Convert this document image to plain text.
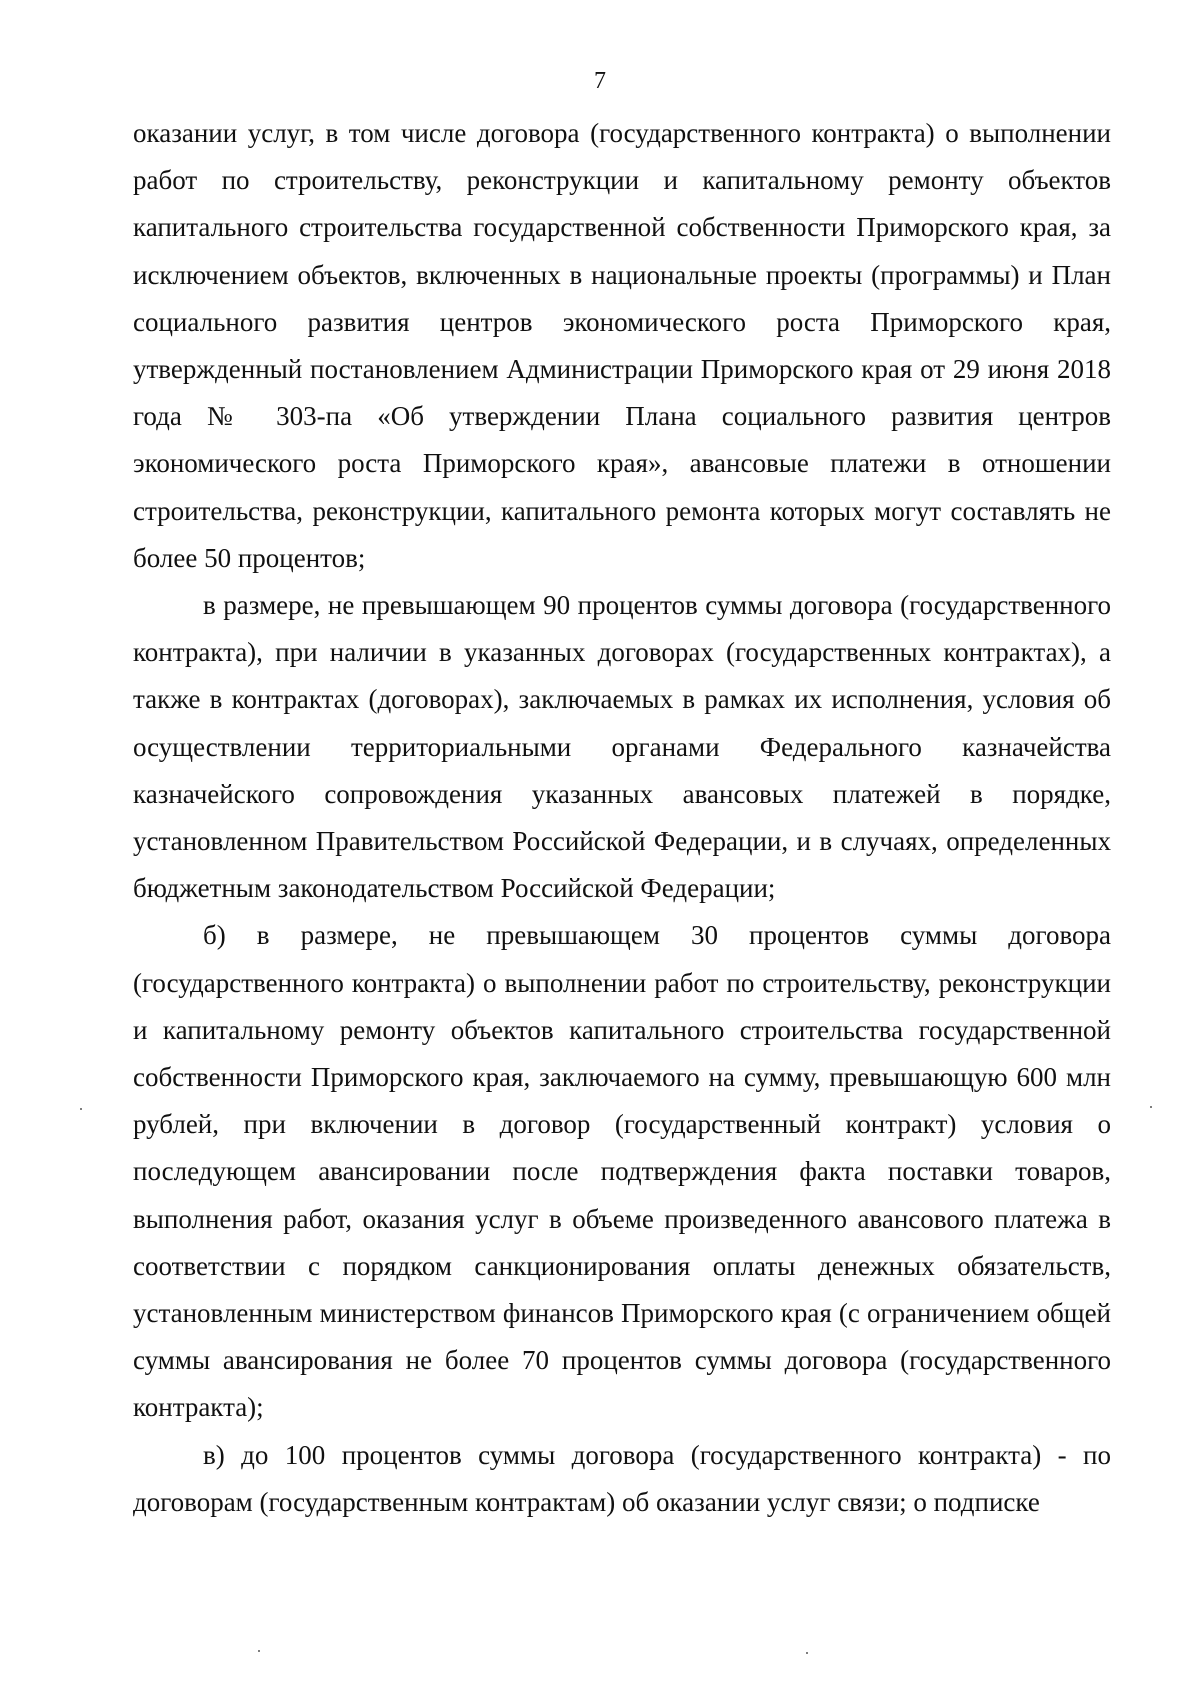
7

оказании услуг, в том числе договора (государственного контракта) о выполнении работ по строительству, реконструкции и капитальному ремонту объектов капитального строительства государственной собственности Приморского края, за исключением объектов, включенных в национальные проекты (программы) и План социального развития центров экономического роста Приморского края, утвержденный постановлением Администрации Приморского края от 29 июня 2018 года № 303-па «Об утверждении Плана социального развития центров экономического роста Приморского края», авансовые платежи в отношении строительства, реконструкции, капитального ремонта которых могут составлять не более 50 процентов;

в размере, не превышающем 90 процентов суммы договора (государственного контракта), при наличии в указанных договорах (государственных контрактах), а также в контрактах (договорах), заключаемых в рамках их исполнения, условия об осуществлении территориальными органами Федерального казначейства казначейского сопровождения указанных авансовых платежей в порядке, установленном Правительством Российской Федерации, и в случаях, определенных бюджетным законодательством Российской Федерации;

б) в размере, не превышающем 30 процентов суммы договора (государственного контракта) о выполнении работ по строительству, реконструкции и капитальному ремонту объектов капитального строительства государственной собственности Приморского края, заключаемого на сумму, превышающую 600 млн рублей, при включении в договор (государственный контракт) условия о последующем авансировании после подтверждения факта поставки товаров, выполнения работ, оказания услуг в объеме произведенного авансового платежа в соответствии с порядком санкционирования оплаты денежных обязательств, установленным министерством финансов Приморского края (с ограничением общей суммы авансирования не более 70 процентов суммы договора (государственного контракта);

в) до 100 процентов суммы договора (государственного контракта) - по договорам (государственным контрактам) об оказании услуг связи; о подписке
